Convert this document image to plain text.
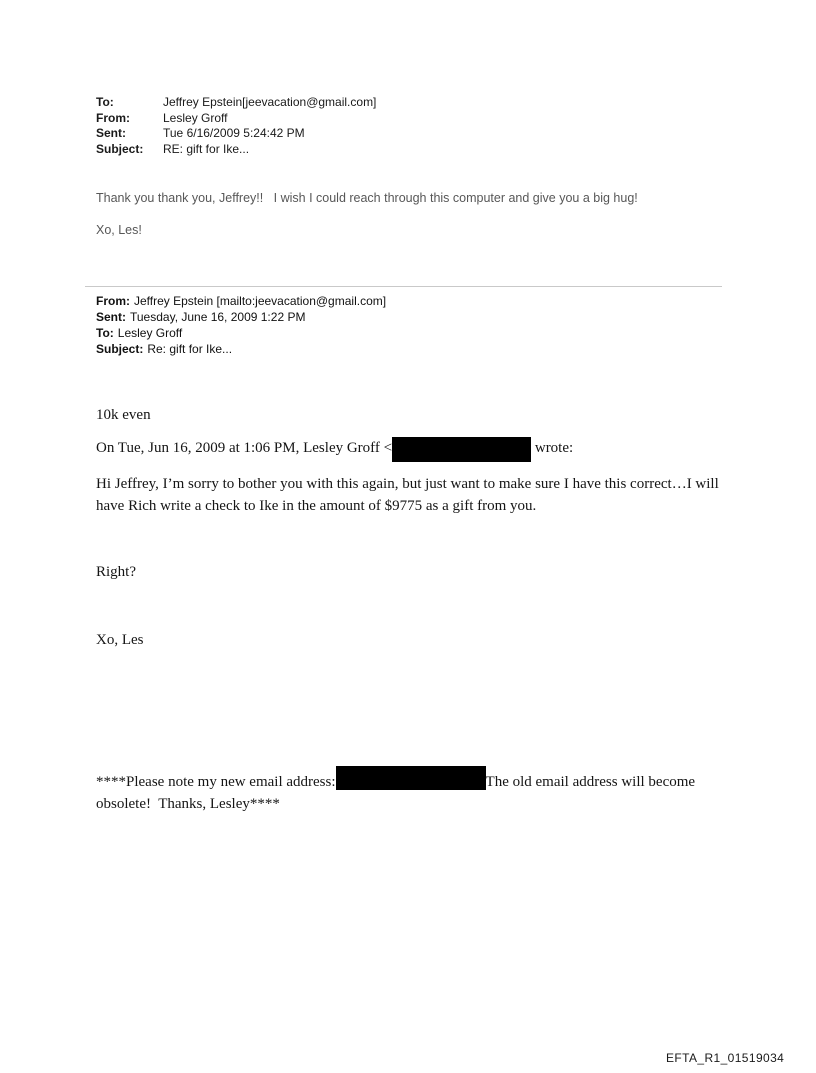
To:	Jeffrey Epstein[jeevacation@gmail.com]
From:	Lesley Groff
Sent:	Tue 6/16/2009 5:24:42 PM
Subject:	RE: gift for Ike...

Thank you thank you, Jeffrey!!   I wish I could reach through this computer and give you a big hug!

Xo, Les!

From: Jeffrey Epstein [mailto:jeevacation@gmail.com]
Sent: Tuesday, June 16, 2009 1:22 PM
To: Lesley Groff
Subject: Re: gift for Ike...

10k even

On Tue, Jun 16, 2009 at 1:06 PM, Lesley Groff <	wrote:

Hi Jeffrey, I’m sorry to bother you with this again, but just want to make sure I have this correct…I will have Rich write a check to Ike in the amount of $9775 as a gift from you.

Right?

Xo, Les

****Please note my new email address:	The old email address will become obsolete!  Thanks, Lesley****

EFTA_R1_01519034
